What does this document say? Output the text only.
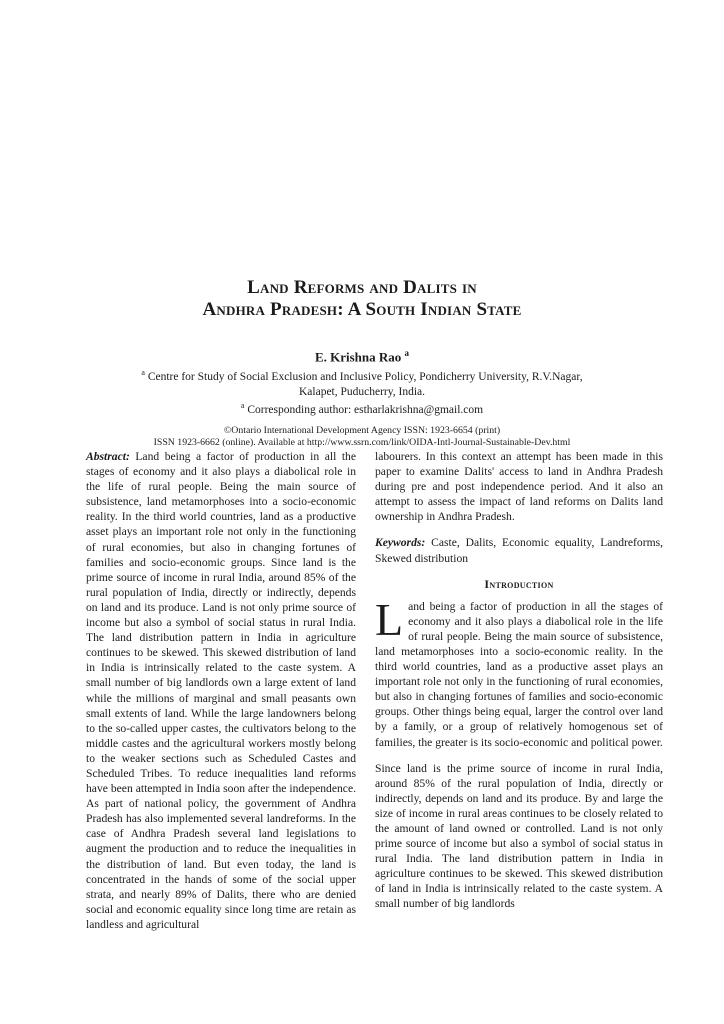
Land Reforms and Dalits in
Andhra Pradesh: A South Indian State
E. Krishna Rao $^a$
$^a$ Centre for Study of Social Exclusion and Inclusive Policy, Pondicherry University, R.V.Nagar, Kalapet, Puducherry, India.
$^a$ Corresponding author: estharlakrishna@gmail.com
©Ontario International Development Agency ISSN: 1923-6654 (print)
ISSN 1923-6662 (online). Available at http://www.ssrn.com/link/OIDA-Intl-Journal-Sustainable-Dev.html

Abstract: Land being a factor of production in all the stages of economy and it also plays a diabolical role in the life of rural people. Being the main source of subsistence, land metamorphoses into a socio-economic reality. In the third world countries, land as a productive asset plays an important role not only in the functioning of rural economies, but also in changing fortunes of families and socio-economic groups. Since land is the prime source of income in rural India, around 85% of the rural population of India, directly or indirectly, depends on land and its produce. Land is not only prime source of income but also a symbol of social status in rural India. The land distribution pattern in India in agriculture continues to be skewed. This skewed distribution of land in India is intrinsically related to the caste system. A small number of big landlords own a large extent of land while the millions of marginal and small peasants own small extents of land. While the large landowners belong to the so-called upper castes, the cultivators belong to the middle castes and the agricultural workers mostly belong to the weaker sections such as Scheduled Castes and Scheduled Tribes. To reduce inequalities land reforms have been attempted in India soon after the independence. As part of national policy, the government of Andhra Pradesh has also implemented several landreforms. In the case of Andhra Pradesh several land legislations to augment the production and to reduce the inequalities in the distribution of land. But even today, the land is concentrated in the hands of some of the social upper strata, and nearly 89% of Dalits, there who are denied social and economic equality since long time are retain as landless and agricultural

labourers. In this context an attempt has been made in this paper to examine Dalits' access to land in Andhra Pradesh during pre and post independence period. And it also an attempt to assess the impact of land reforms on Dalits land ownership in Andhra Pradesh.

Keywords: Caste, Dalits, Economic equality, Landreforms, Skewed distribution

Introduction

Land being a factor of production in all the stages of economy and it also plays a diabolical role in the life of rural people. Being the main source of subsistence, land metamorphoses into a socio-economic reality. In the third world countries, land as a productive asset plays an important role not only in the functioning of rural economies, but also in changing fortunes of families and socio-economic groups. Other things being equal, larger the control over land by a family, or a group of relatively homogenous set of families, the greater is its socio-economic and political power.

Since land is the prime source of income in rural India, around 85% of the rural population of India, directly or indirectly, depends on land and its produce. By and large the size of income in rural areas continues to be closely related to the amount of land owned or controlled. Land is not only prime source of income but also a symbol of social status in rural India. The land distribution pattern in India in agriculture continues to be skewed. This skewed distribution of land in India is intrinsically related to the caste system. A small number of big landlords
